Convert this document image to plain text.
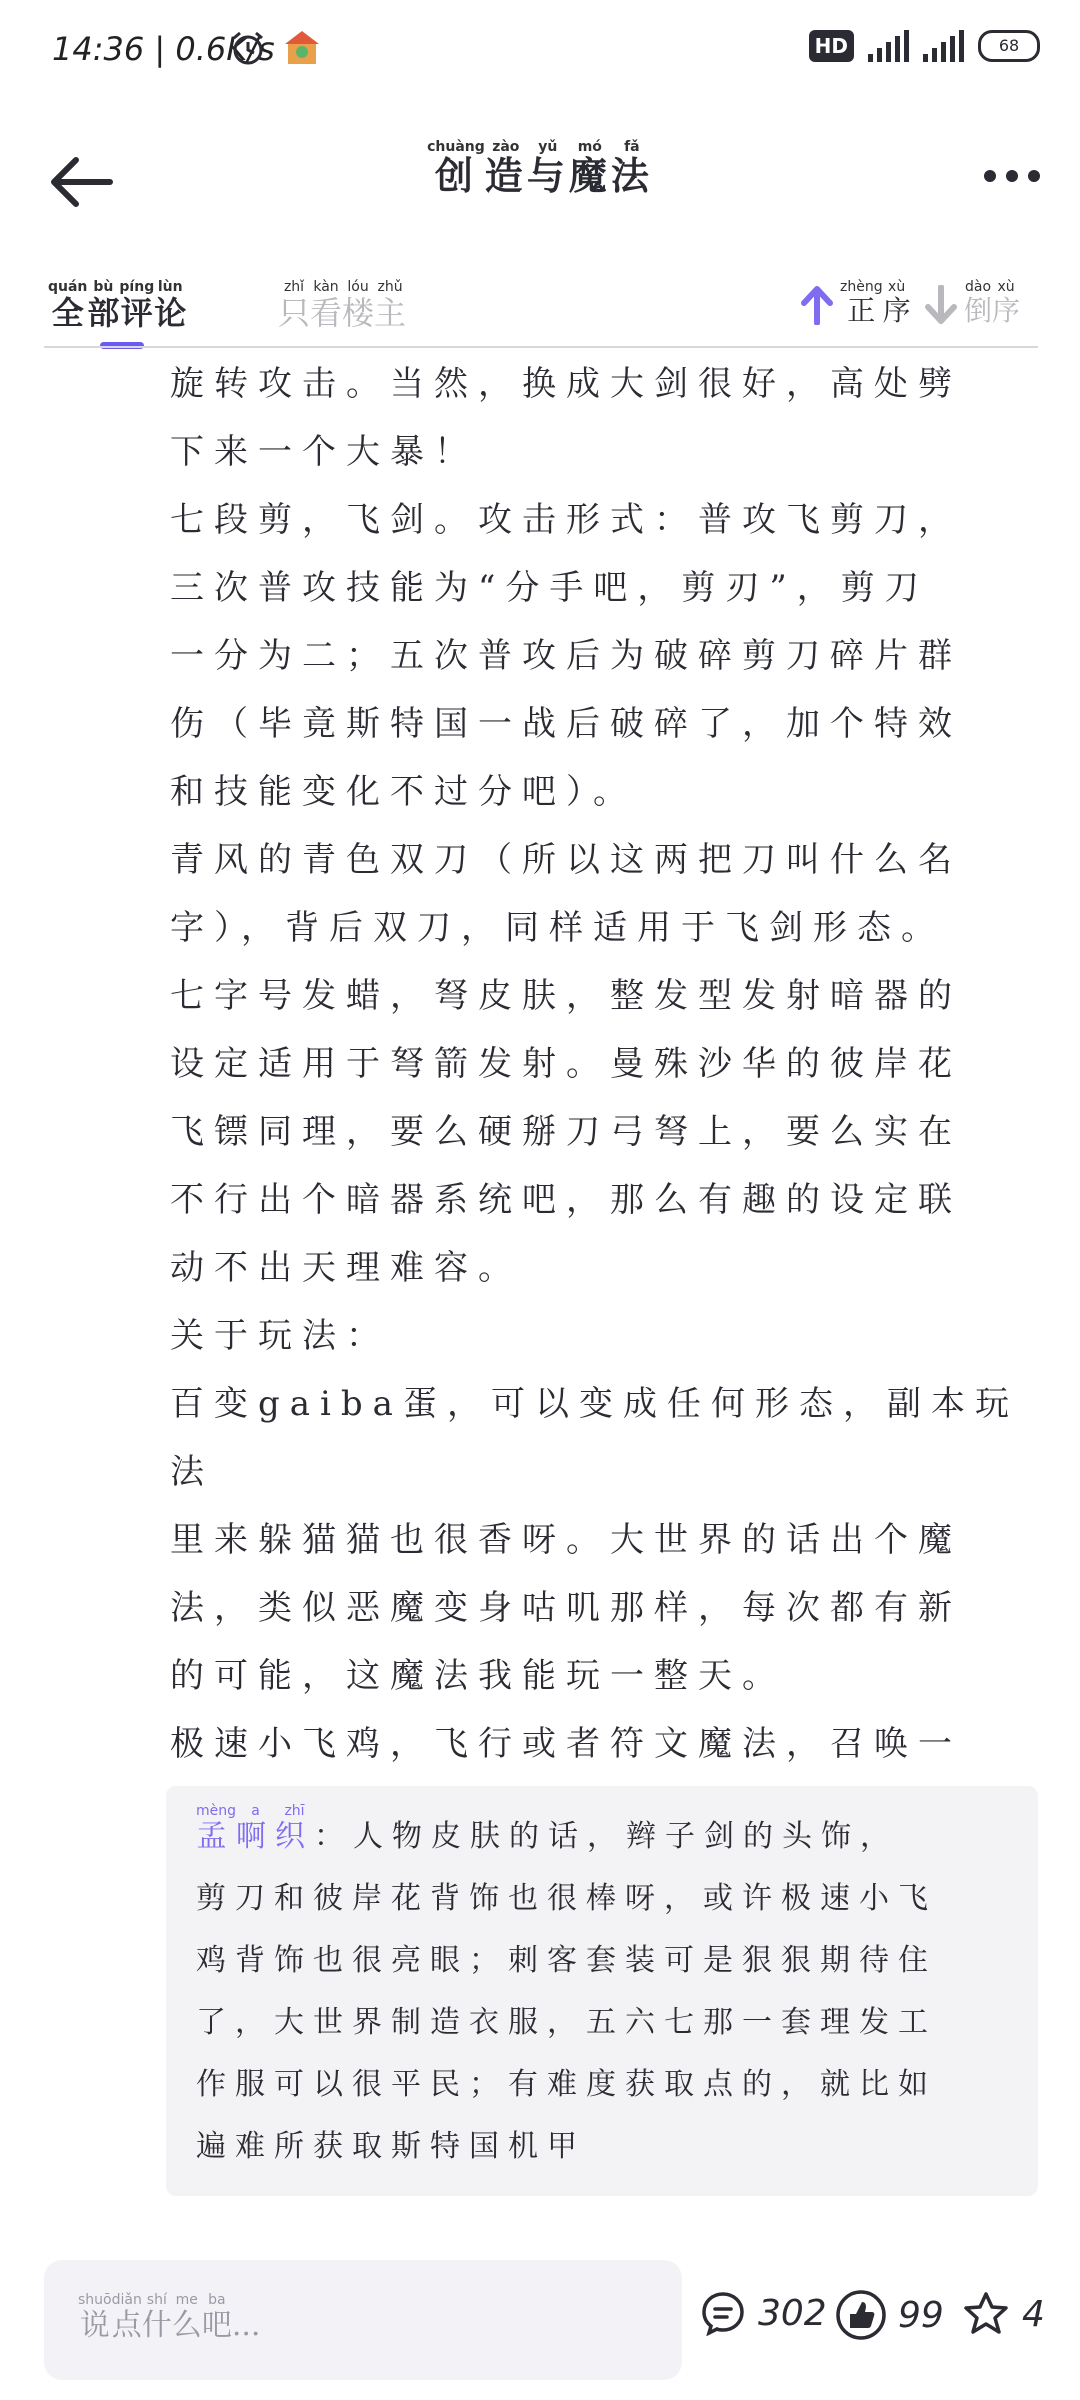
14:36 | 0.6K/s	HD	68
创chuàng造zào与yǔ魔mó法fǎ
全quán部bù评píng论lùn
只zhǐ看kàn楼lóu主zhǔ
正zhèng序xù
倒dào序xù

旋转攻击。当然，换成大剑很好，高处劈

下来一个大暴！

七段剪，飞剑。攻击形式：普攻飞剪刀，

三次普攻技能为“分手吧，剪刃”，剪刀

一分为二；五次普攻后为破碎剪刀碎片群

伤（毕竟斯特国一战后破碎了，加个特效

和技能变化不过分吧）。

青风的青色双刀（所以这两把刀叫什么名

字），背后双刀，同样适用于飞剑形态。

七字号发蜡，弩皮肤，整发型发射暗器的

设定适用于弩箭发射。曼殊沙华的彼岸花

飞镖同理，要么硬掰刀弓弩上，要么实在

不行出个暗器系统吧，那么有趣的设定联

动不出天理难容。

关于玩法：

百变gaiba蛋，可以变成任何形态，副本玩法

里来躲猫猫也很香呀。大世界的话出个魔

法，类似恶魔变身咕叽那样，每次都有新

的可能，这魔法我能玩一整天。

极速小飞鸡，飞行或者符文魔法，召唤一

孟mèng啊a织zhī：人物皮肤的话，辫子剑的头饰，

剪刀和彼岸花背饰也很棒呀，或许极速小飞

鸡背饰也很亮眼；刺客套装可是狠狠期待住

了，大世界制造衣服，五六七那一套理发工

作服可以很平民；有难度获取点的，就比如

遍难所获取斯特国机甲

说shuō点diǎn什shí么me吧ba...	302 99 4
